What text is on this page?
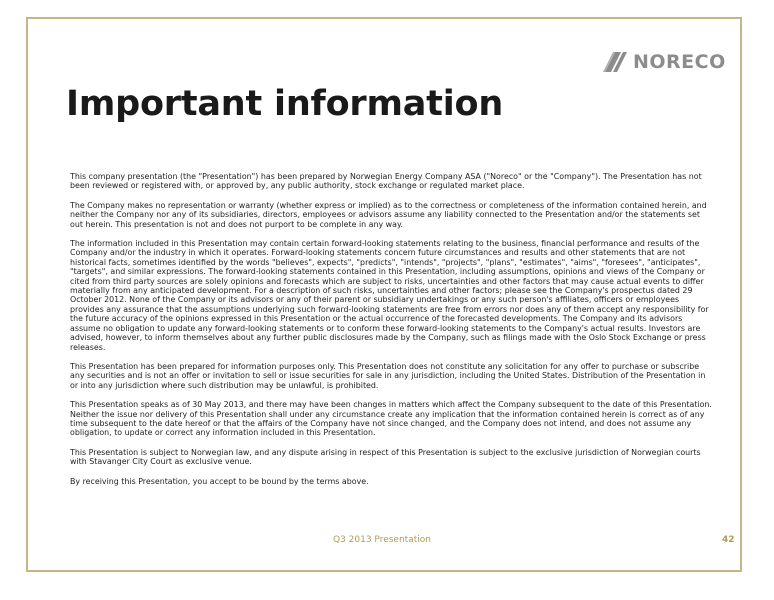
NORECO
Important information

This company presentation (the "Presentation") has been prepared by Norwegian Energy Company ASA ("Noreco" or the "Company"). The Presentation has not been reviewed or registered with, or approved by, any public authority, stock exchange or regulated market place.

The Company makes no representation or warranty (whether express or implied) as to the correctness or completeness of the information contained herein, and neither the Company nor any of its subsidiaries, directors, employees or advisors assume any liability connected to the Presentation and/or the statements set out herein. This presentation is not and does not purport to be complete in any way.

The information included in this Presentation may contain certain forward-looking statements relating to the business, financial performance and results of the Company and/or the industry in which it operates. Forward-looking statements concern future circumstances and results and other statements that are not historical facts, sometimes identified by the words "believes", expects", "predicts", "intends", "projects", "plans", "estimates", "aims", "foresees", "anticipates", "targets", and similar expressions. The forward-looking statements contained in this Presentation, including assumptions, opinions and views of the Company or cited from third party sources are solely opinions and forecasts which are subject to risks, uncertainties and other factors that may cause actual events to differ materially from any anticipated development. For a description of such risks, uncertainties and other factors; please see the Company's prospectus dated 29 October 2012. None of the Company or its advisors or any of their parent or subsidiary undertakings or any such person's affiliates, officers or employees provides any assurance that the assumptions underlying such forward-looking statements are free from errors nor does any of them accept any responsibility for the future accuracy of the opinions expressed in this Presentation or the actual occurrence of the forecasted developments. The Company and its advisors assume no obligation to update any forward-looking statements or to conform these forward-looking statements to the Company's actual results. Investors are advised, however, to inform themselves about any further public disclosures made by the Company, such as filings made with the Oslo Stock Exchange or press releases.

This Presentation has been prepared for information purposes only. This Presentation does not constitute any solicitation for any offer to purchase or subscribe any securities and is not an offer or invitation to sell or issue securities for sale in any jurisdiction, including the United States. Distribution of the Presentation in or into any jurisdiction where such distribution may be unlawful, is prohibited.

This Presentation speaks as of 30 May 2013, and there may have been changes in matters which affect the Company subsequent to the date of this Presentation. Neither the issue nor delivery of this Presentation shall under any circumstance create any implication that the information contained herein is correct as of any time subsequent to the date hereof or that the affairs of the Company have not since changed, and the Company does not intend, and does not assume any obligation, to update or correct any information included in this Presentation.

This Presentation is subject to Norwegian law, and any dispute arising in respect of this Presentation is subject to the exclusive jurisdiction of Norwegian courts with Stavanger City Court as exclusive venue.

By receiving this Presentation, you accept to be bound by the terms above.

Q3 2013 Presentation	42
